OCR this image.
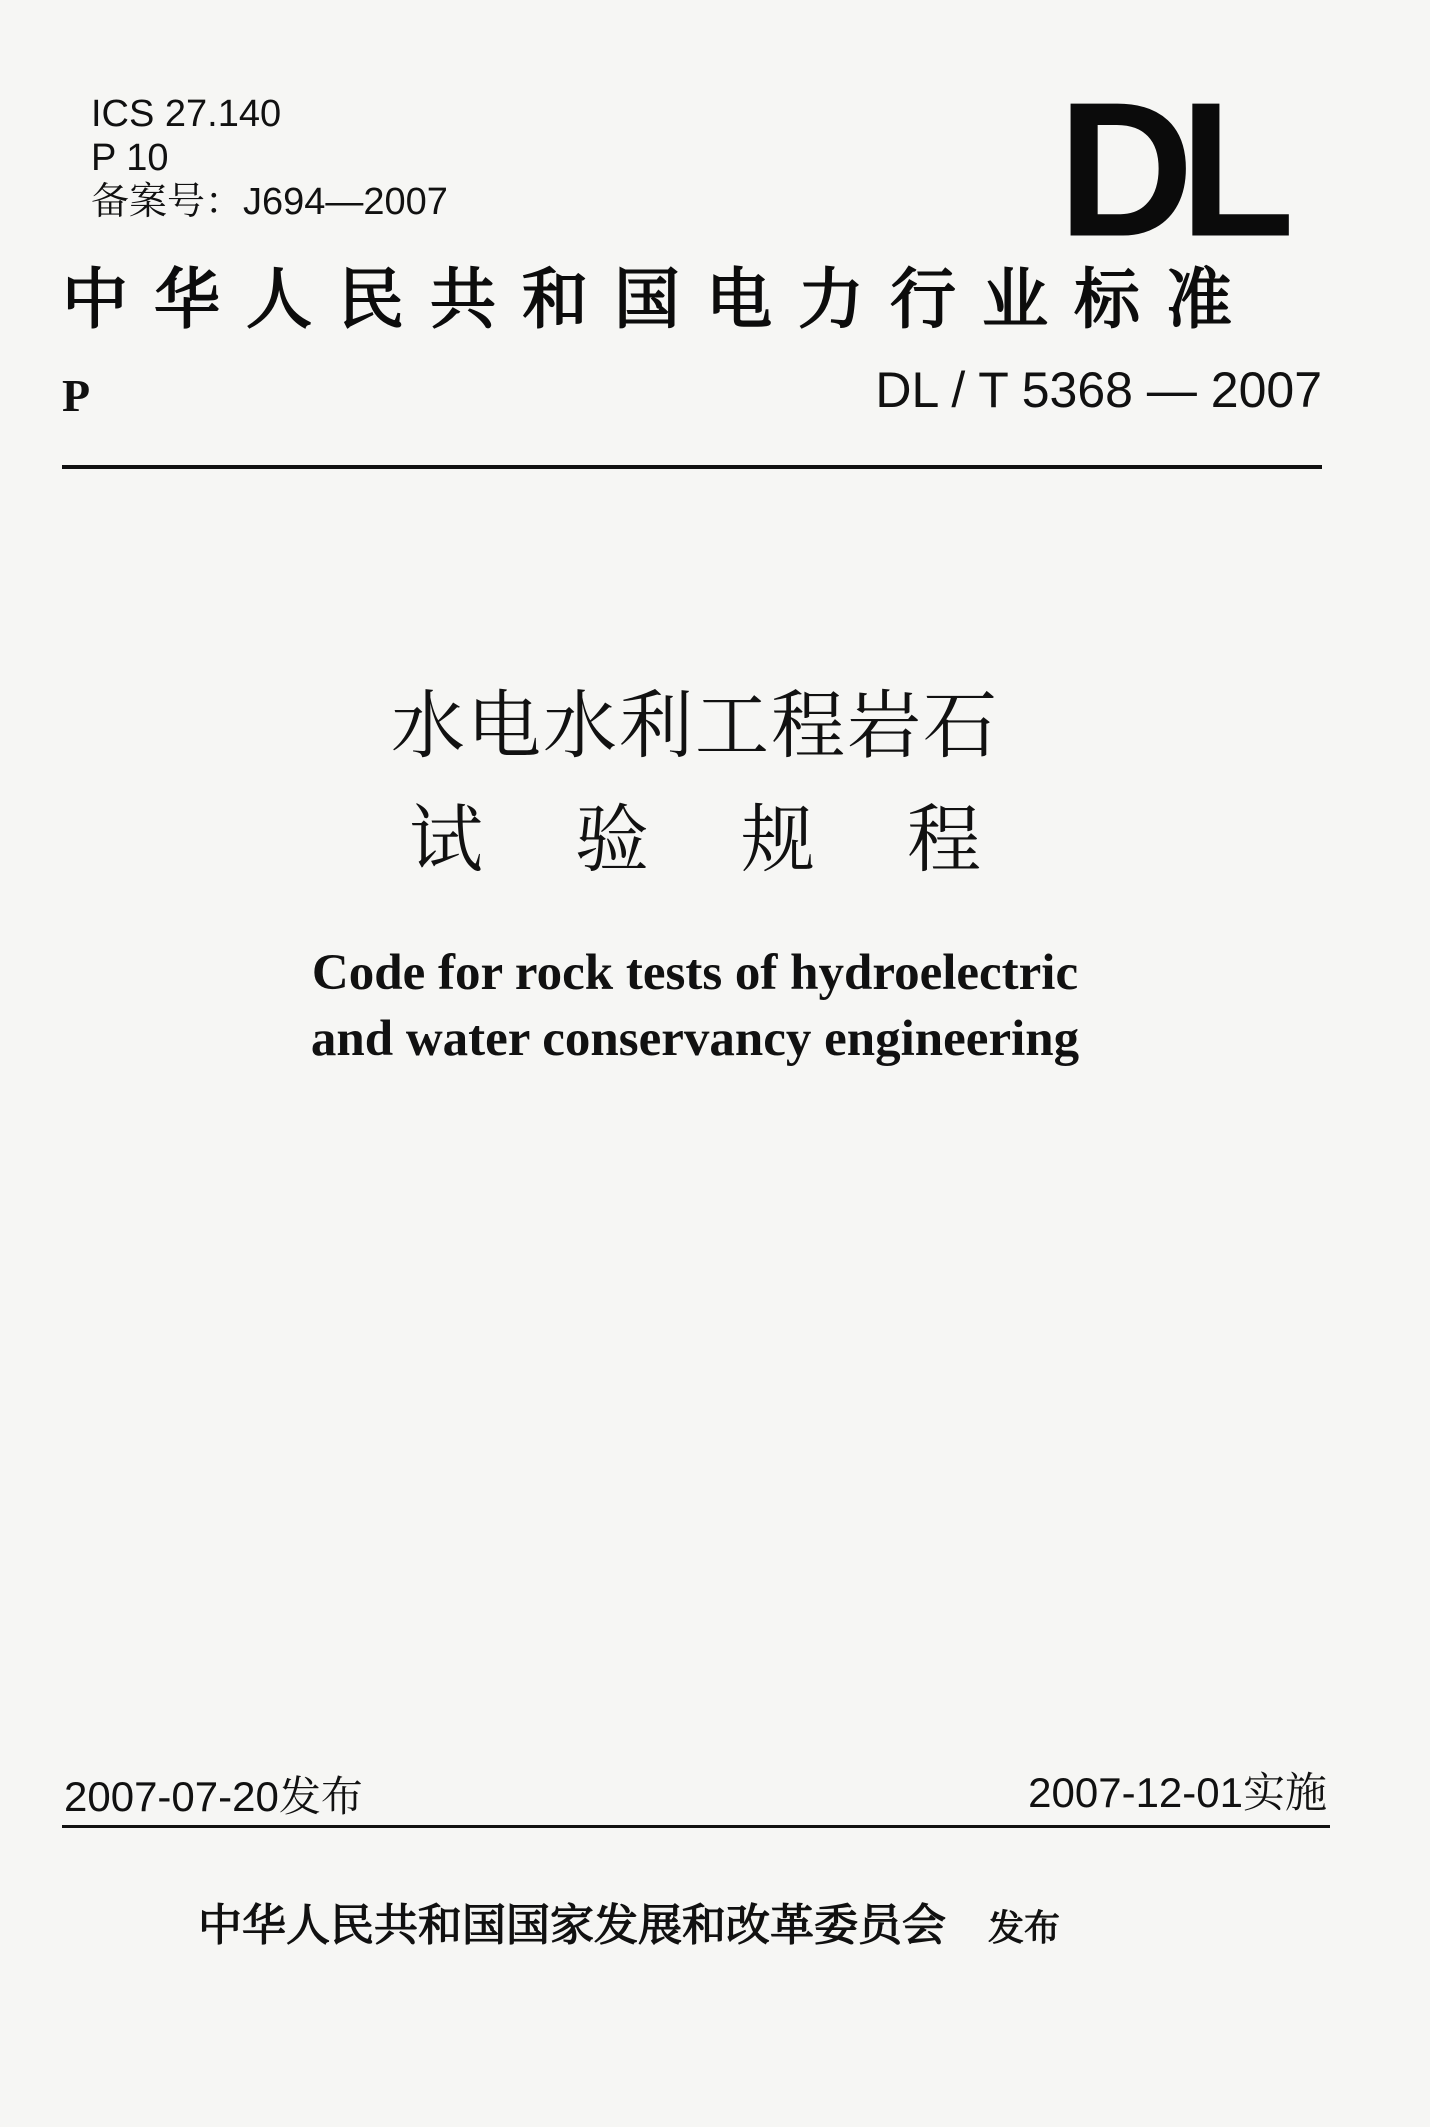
ICS 27.140
P 10
备案号：J694—2007	DL
中华人民共和国电力行业标准
P	DL / T 5368 — 2007
水电水利工程岩石
试验规程
Code for rock tests of hydroelectric
and water conservancy engineering
2007-07-20发布	2007-12-01实施
中华人民共和国国家发展和改革委员会 发布
